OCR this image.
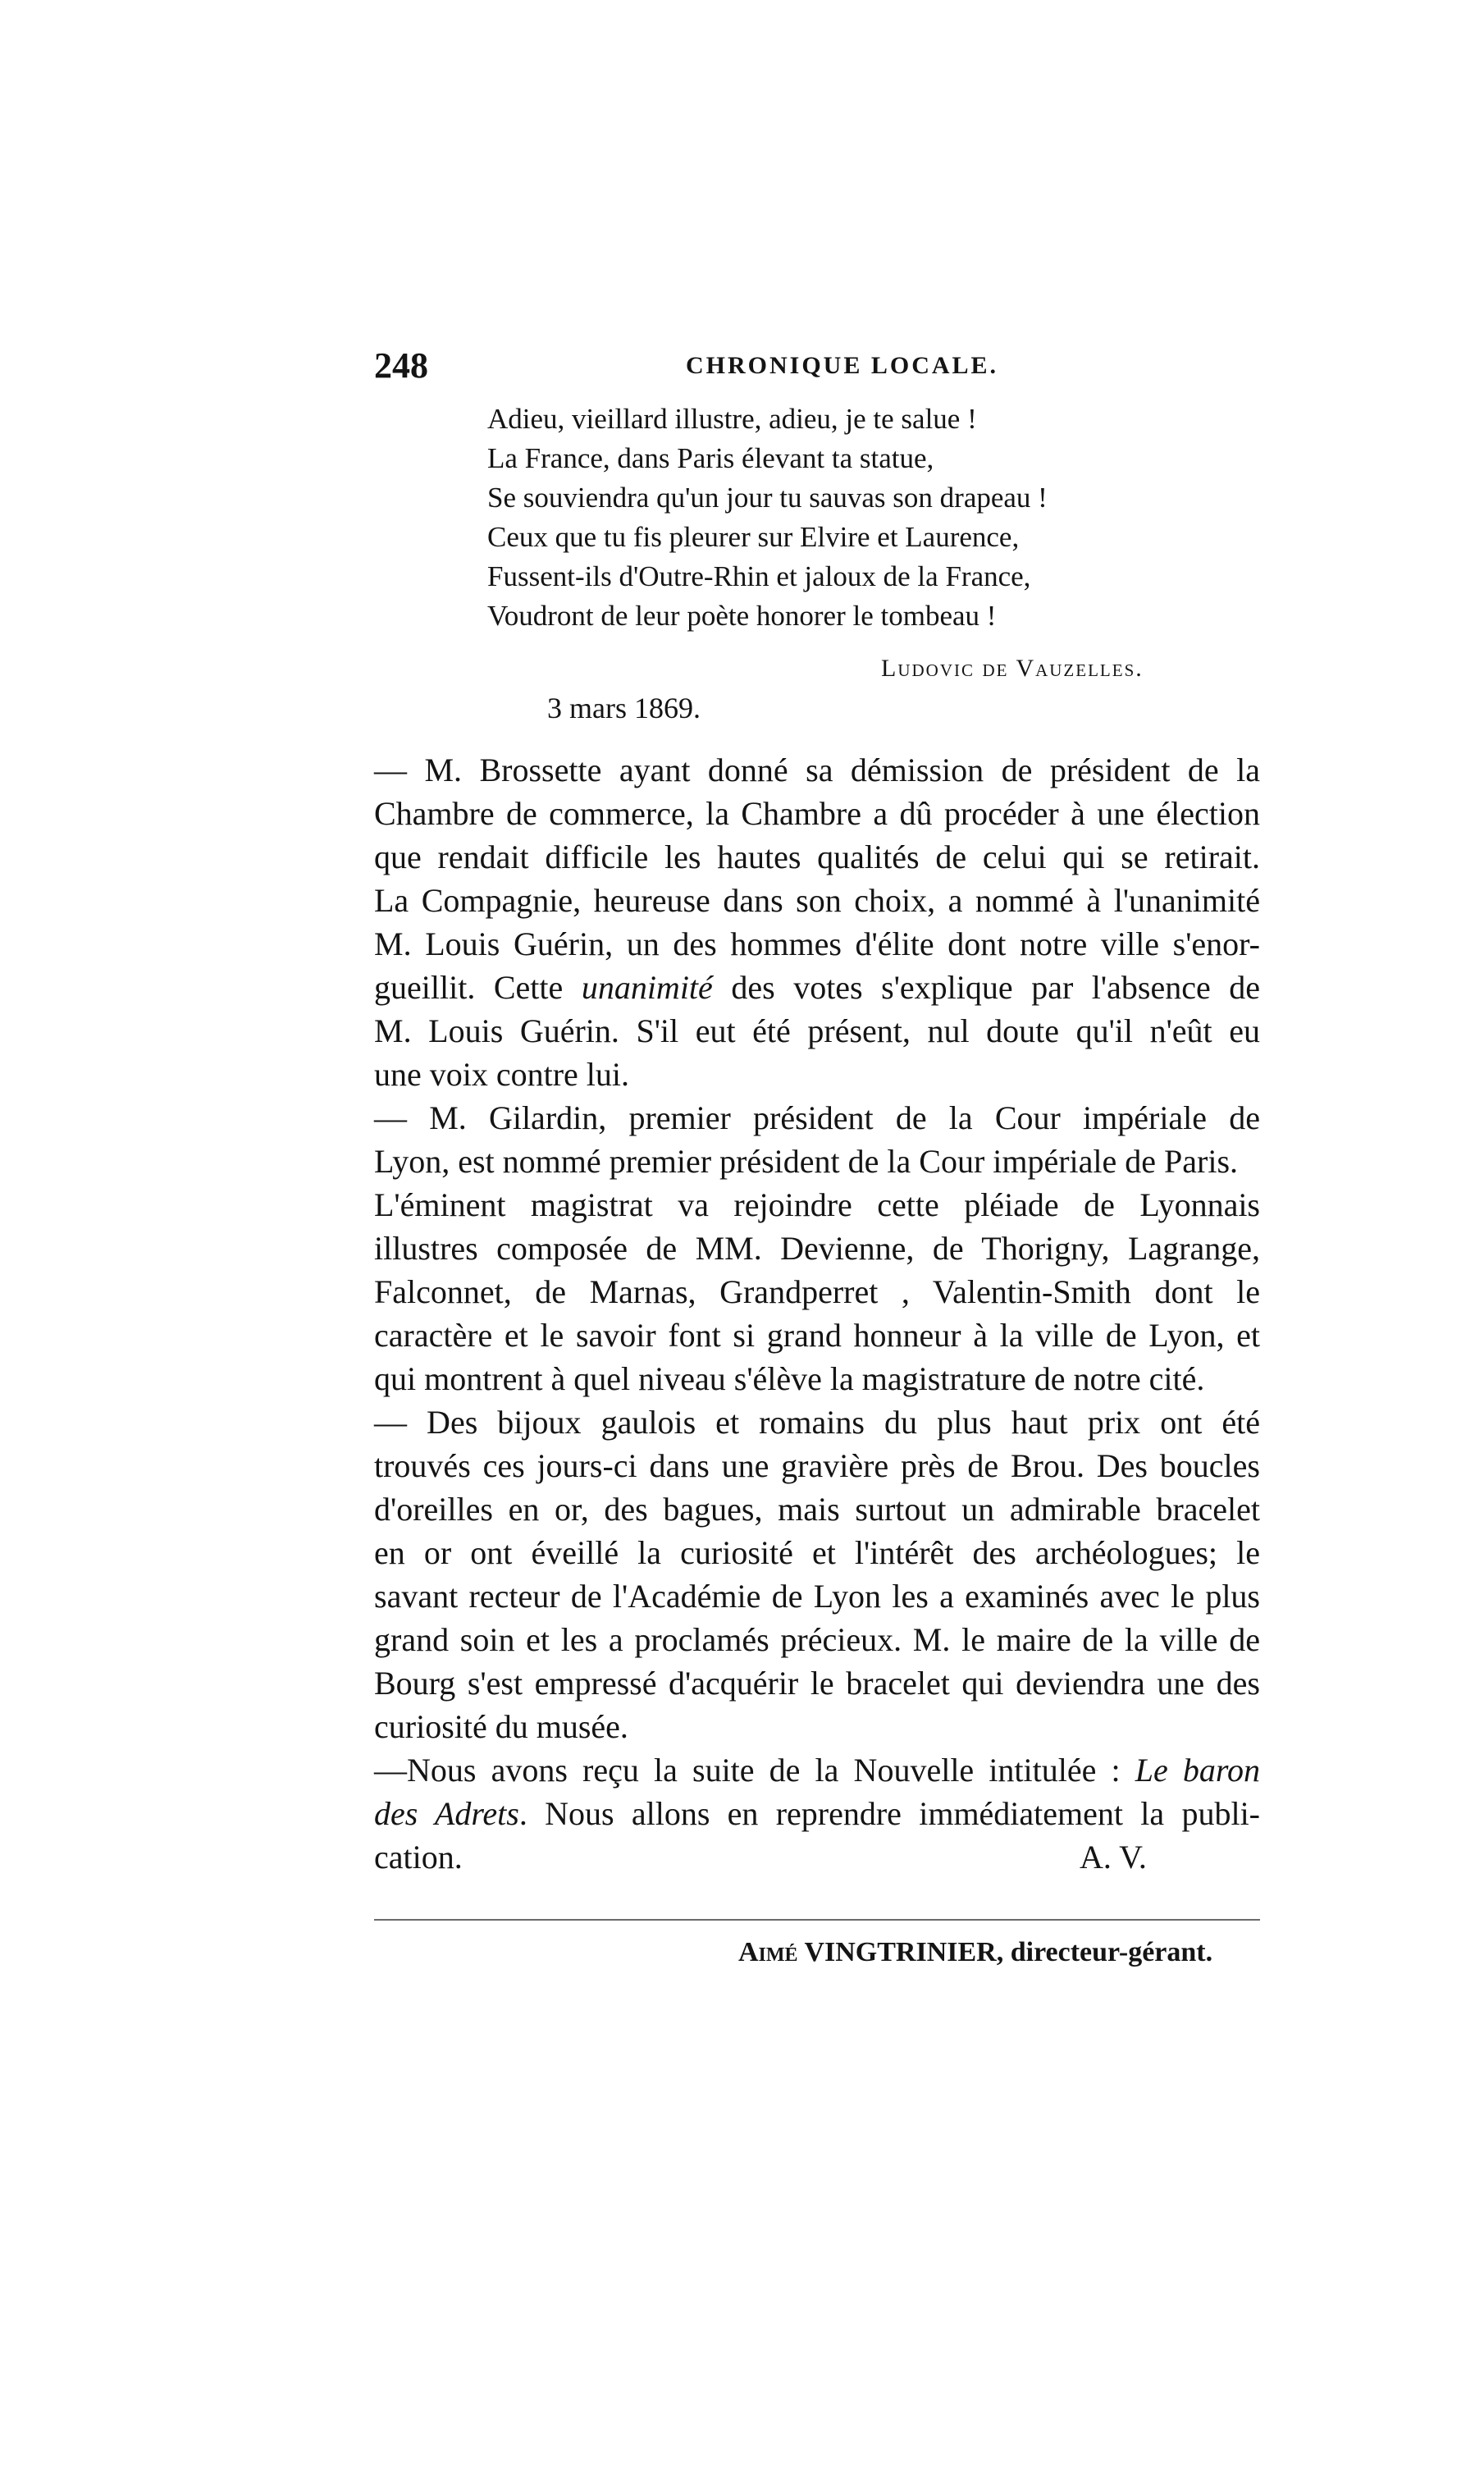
248	CHRONIQUE LOCALE.
Adieu, vieillard illustre, adieu, je te salue !
La France, dans Paris élevant ta statue,
Se souviendra qu'un jour tu sauvas son drapeau !
Ceux que tu fis pleurer sur Elvire et Laurence,
Fussent-ils d'Outre-Rhin et jaloux de la France,
Voudront de leur poète honorer le tombeau !
Ludovic de Vauzelles.
3 mars 1869.
— M. Brossette ayant donné sa démission de président de la
Chambre de commerce, la Chambre a dû procéder à une élection
que rendait difficile les hautes qualités de celui qui se retirait.
La Compagnie, heureuse dans son choix, a nommé à l'unanimité
M. Louis Guérin, un des hommes d'élite dont notre ville s'enor-
gueillit. Cette unanimité des votes s'explique par l'absence de
M. Louis Guérin. S'il eut été présent, nul doute qu'il n'eût eu
une voix contre lui.
— M. Gilardin, premier président de la Cour impériale de
Lyon, est nommé premier président de la Cour impériale de Paris.
L'éminent magistrat va rejoindre cette pléiade de Lyonnais
illustres composée de MM. Devienne, de Thorigny, Lagrange,
Falconnet, de Marnas, Grandperret , Valentin-Smith dont le
caractère et le savoir font si grand honneur à la ville de Lyon, et
qui montrent à quel niveau s'élève la magistrature de notre cité.
— Des bijoux gaulois et romains du plus haut prix ont été
trouvés ces jours-ci dans une gravière près de Brou. Des boucles
d'oreilles en or, des bagues, mais surtout un admirable bracelet
en or ont éveillé la curiosité et l'intérêt des archéologues; le
savant recteur de l'Académie de Lyon les a examinés avec le plus
grand soin et les a proclamés précieux. M. le maire de la ville de
Bourg s'est empressé d'acquérir le bracelet qui deviendra une des
curiosité du musée.
—Nous avons reçu la suite de la Nouvelle intitulée : Le baron
des Adrets. Nous allons en reprendre immédiatement la publi-
cation.	A. V.
Aimé VINGTRINIER, directeur-gérant.
